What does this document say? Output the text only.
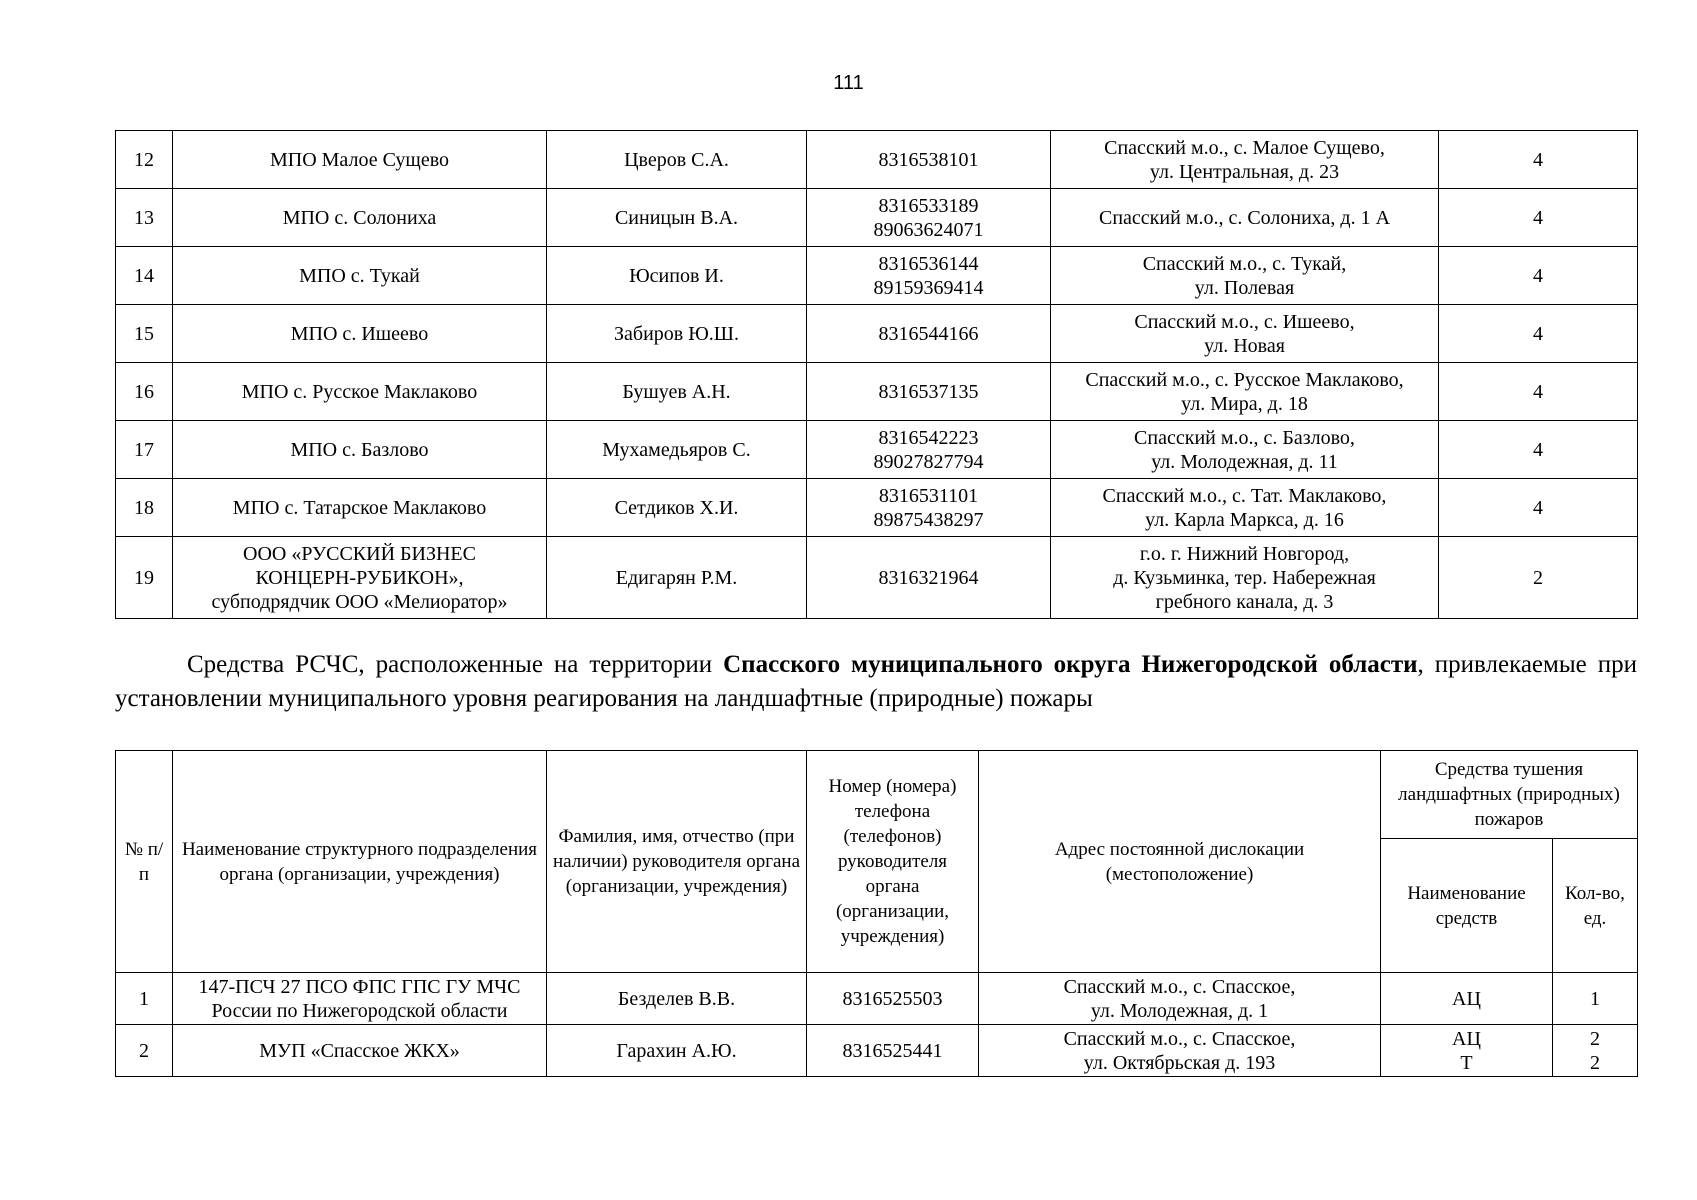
111
12	МПО Малое Сущево	Цверов С.А.	8316538101	Спасский м.о., с. Малое Сущево,
ул. Центральная, д. 23	4
13	МПО с. Солониха	Синицын В.А.	8316533189
89063624071	Спасский м.о., с. Солониха, д. 1 А	4
14	МПО с. Тукай	Юсипов И.	8316536144
89159369414	Спасский м.о., с. Тукай,
ул. Полевая	4
15	МПО с. Ишеево	Забиров Ю.Ш.	8316544166	Спасский м.о., с. Ишеево,
ул. Новая	4
16	МПО с. Русское Маклаково	Бушуев А.Н.	8316537135	Спасский м.о., с. Русское Маклаково,
ул. Мира, д. 18	4
17	МПО с. Базлово	Мухамедьяров С.	8316542223
89027827794	Спасский м.о., с. Базлово,
ул. Молодежная, д. 11	4
18	МПО с. Татарское Маклаково	Сетдиков Х.И.	8316531101
89875438297	Спасский м.о., с. Тат. Маклаково,
ул. Карла Маркса, д. 16	4
19	ООО «РУССКИЙ БИЗНЕС
КОНЦЕРН-РУБИКОН»,
субподрядчик ООО «Мелиоратор»	Едигарян Р.М.	8316321964	г.о. г. Нижний Новгород,
д. Кузьминка, тер. Набережная
гребного канала, д. 3	2
Средства РСЧС, расположенные на территории Спасского муниципального округа Нижегородской области, привлекаемые при установлении муниципального уровня реагирования на ландшафтные (природные) пожары
№ п/п	Наименование структурного подразделения органа (организации, учреждения)	Фамилия, имя, отчество (при наличии) руководителя органа (организации, учреждения)	Номер (номера) телефона (телефонов) руководителя органа (организации, учреждения)	Адрес постоянной дислокации (местоположение)	Средства тушения ландшафтных (природных) пожаров	
					Наименование средств	Кол-во, ед.
1	147-ПСЧ 27 ПСО ФПС ГПС ГУ МЧС
России по Нижегородской области	Безделев В.В.	8316525503	Спасский м.о., с. Спасское,
ул. Молодежная, д. 1	АЦ	1

2	МУП «Спасское ЖКХ»	Гарахин А.Ю.	8316525441	Спасский м.о., с. Спасское,
ул. Октябрьская д. 193	АЦ
Т	2
2
